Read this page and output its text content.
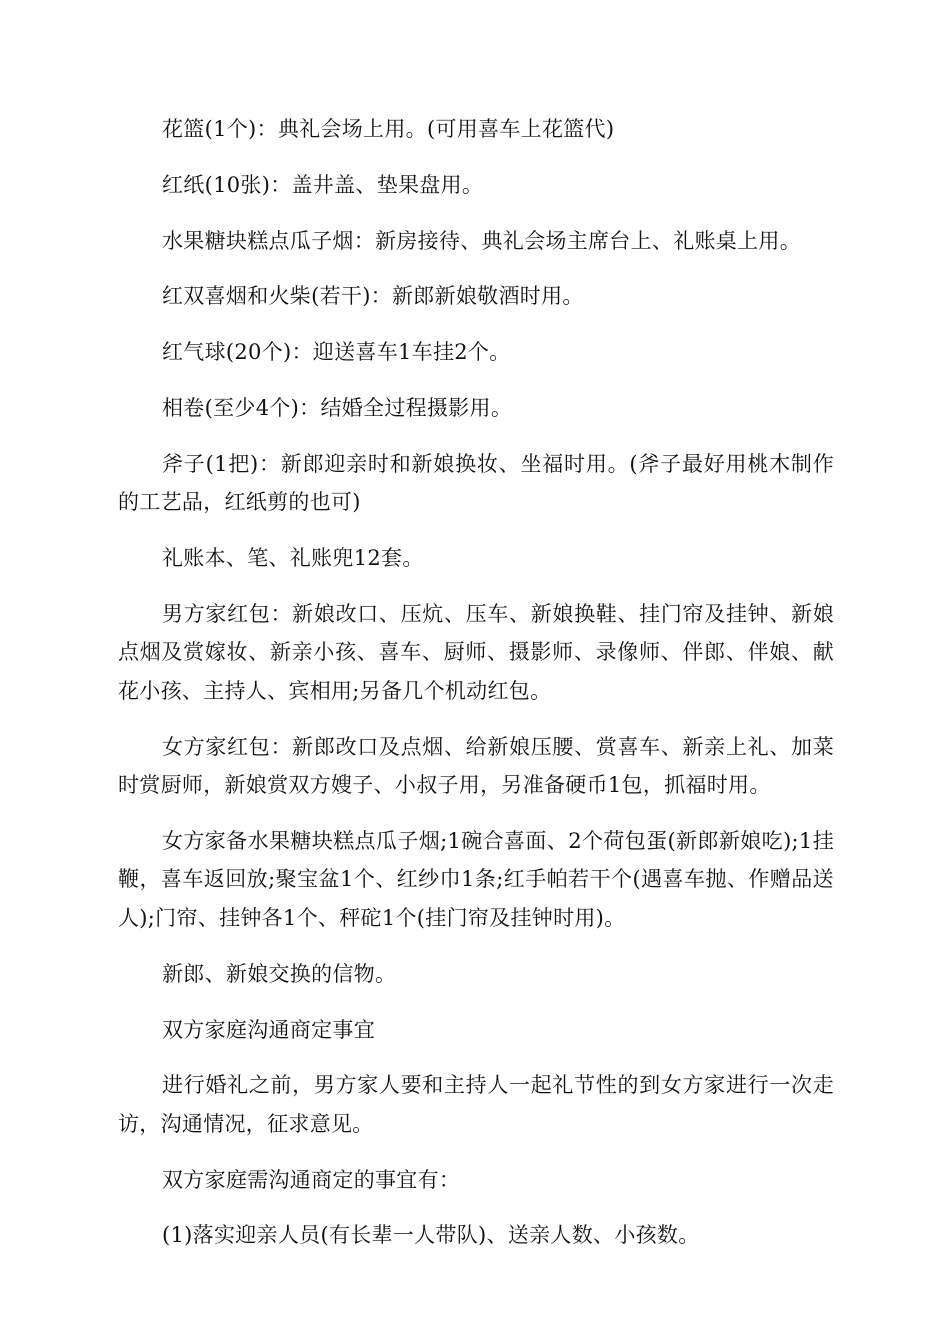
花篮(1个)：典礼会场上用。(可用喜车上花篮代)

红纸(10张)：盖井盖、垫果盘用。

水果糖块糕点瓜子烟：新房接待、典礼会场主席台上、礼账桌上用。

红双喜烟和火柴(若干)：新郎新娘敬酒时用。

红气球(20个)：迎送喜车1车挂2个。

相卷(至少4个)：结婚全过程摄影用。

斧子(1把)：新郎迎亲时和新娘换妆、坐福时用。(斧子最好用桃木制作的工艺品，红纸剪的也可)

礼账本、笔、礼账兜12套。

男方家红包：新娘改口、压炕、压车、新娘换鞋、挂门帘及挂钟、新娘点烟及赏嫁妆、新亲小孩、喜车、厨师、摄影师、录像师、伴郎、伴娘、献花小孩、主持人、宾相用;另备几个机动红包。

女方家红包：新郎改口及点烟、给新娘压腰、赏喜车、新亲上礼、加菜时赏厨师，新娘赏双方嫂子、小叔子用，另准备硬币1包，抓福时用。

女方家备水果糖块糕点瓜子烟;1碗合喜面、2个荷包蛋(新郎新娘吃);1挂鞭，喜车返回放;聚宝盆1个、红纱巾1条;红手帕若干个(遇喜车抛、作赠品送人);门帘、挂钟各1个、秤砣1个(挂门帘及挂钟时用)。

新郎、新娘交换的信物。

双方家庭沟通商定事宜

进行婚礼之前，男方家人要和主持人一起礼节性的到女方家进行一次走访，沟通情况，征求意见。

双方家庭需沟通商定的事宜有：

(1)落实迎亲人员(有长辈一人带队)、送亲人数、小孩数。
